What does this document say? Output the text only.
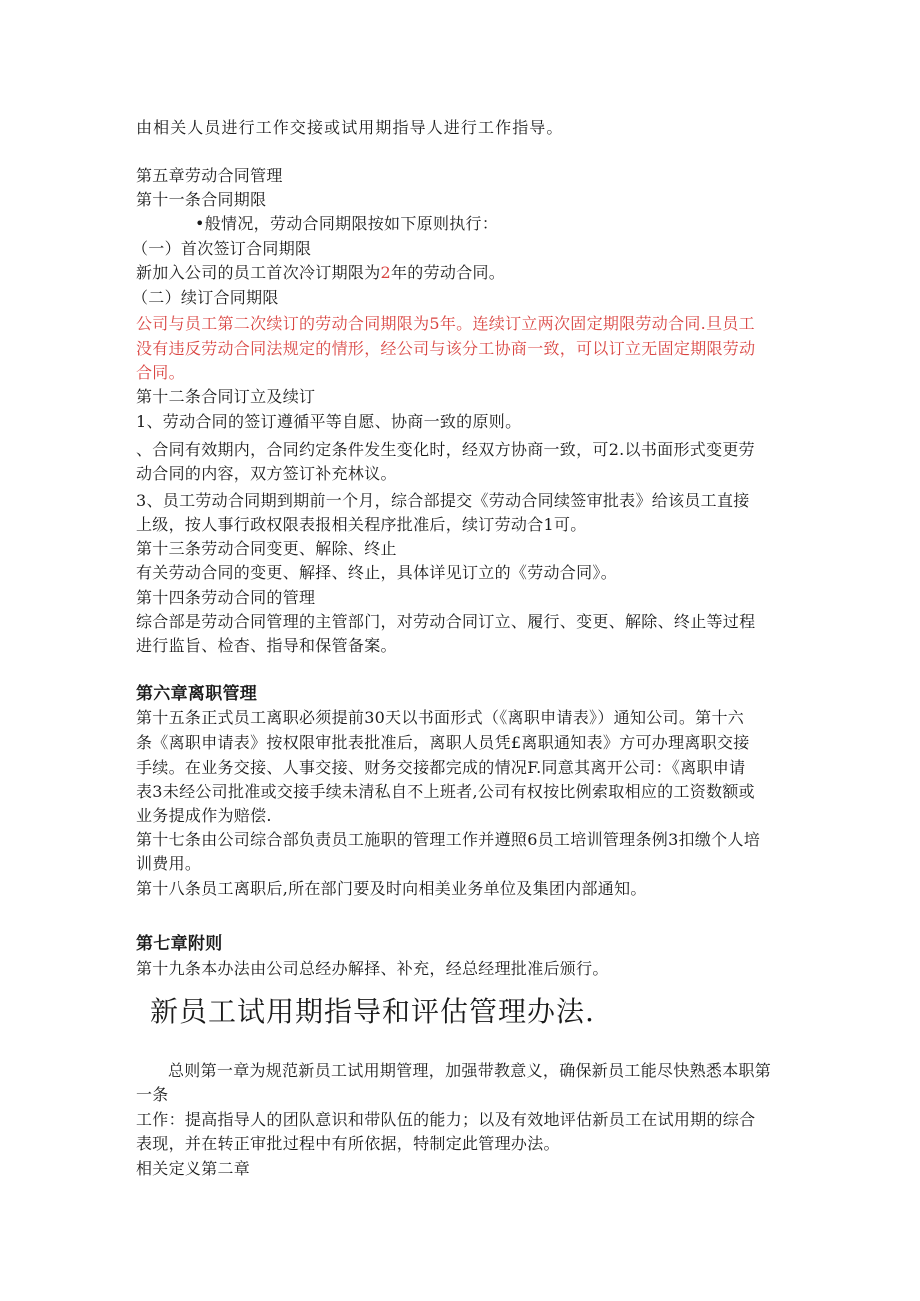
由相关人员进行工作交接或试用期指导人进行工作指导。
第五章劳动合同管理
第十一条合同期限
•般情况，劳动合同期限按如下原则执行：
（一）首次签订合同期限
新加入公司的员工首次冷订期限为2年的劳动合同。
（二）续订合同期限
公司与员工第二次续订的劳动合同期限为5年。连续订立两次固定期限劳动合同.旦员工
没有违反劳动合同法规定的情形，经公司与该分工协商一致，可以订立无固定期限劳动
合同。
第十二条合同订立及续订
1、劳动合同的签订遵循平等自愿、协商一致的原则。
、合同有效期内，合同约定条件发生变化时，经双方协商一致，可2.以书面形式变更劳
动合同的内容，双方签订补充林议。
3、员工劳动合同期到期前一个月，综合部提交《劳动合同续签审批表》给该员工直接
上级，按人事行政权限表报相关程序批准后，续订劳动合1可。
第十三条劳动合同变更、解除、终止
有关劳动合同的变更、解择、终止，具体详见订立的《劳动合同》。
第十四条劳动合同的管理
综合部是劳动合同管理的主管部门，对劳动合同订立、履行、变更、解除、终止等过程
进行监旨、检杳、指导和保管备案。
第六章离职管理
第十五条正式员工离职必须提前30天以书面形式（《离职申请表》）通知公司。第十六
条《离职申请表》按权限审批表批准后，离职人员凭£离职通知表》方可办理离职交接
手续。在业务交接、人事交接、财务交接都完成的情况F.同意其离开公司：《离职申请
表3未经公司批准或交接手续未清私自不上班者,公司有权按比例索取相应的工资数额或
业务提成作为赔偿.
第十七条由公司综合部负责员工施职的管理工作并遵照6员工培训管理条例3扣缴个人培
训费用。
第十八条员工离职后,所在部门要及时向相美业务单位及集团内部通知。
第七章附则
第十九条本办法由公司总经办解择、补充，经总经理批准后颁行。
新员工试用期指导和评估管理办法.
总则第一章为规范新员工试用期管理，加强带教意义，确保新员工能尽快熟悉本职第
一条
工作：提高指导人的团队意识和带队伍的能力；以及有效地评估新员工在试用期的综合
表现，并在转正审批过程中有所依据，特制定此管理办法。
相关定义第二章
